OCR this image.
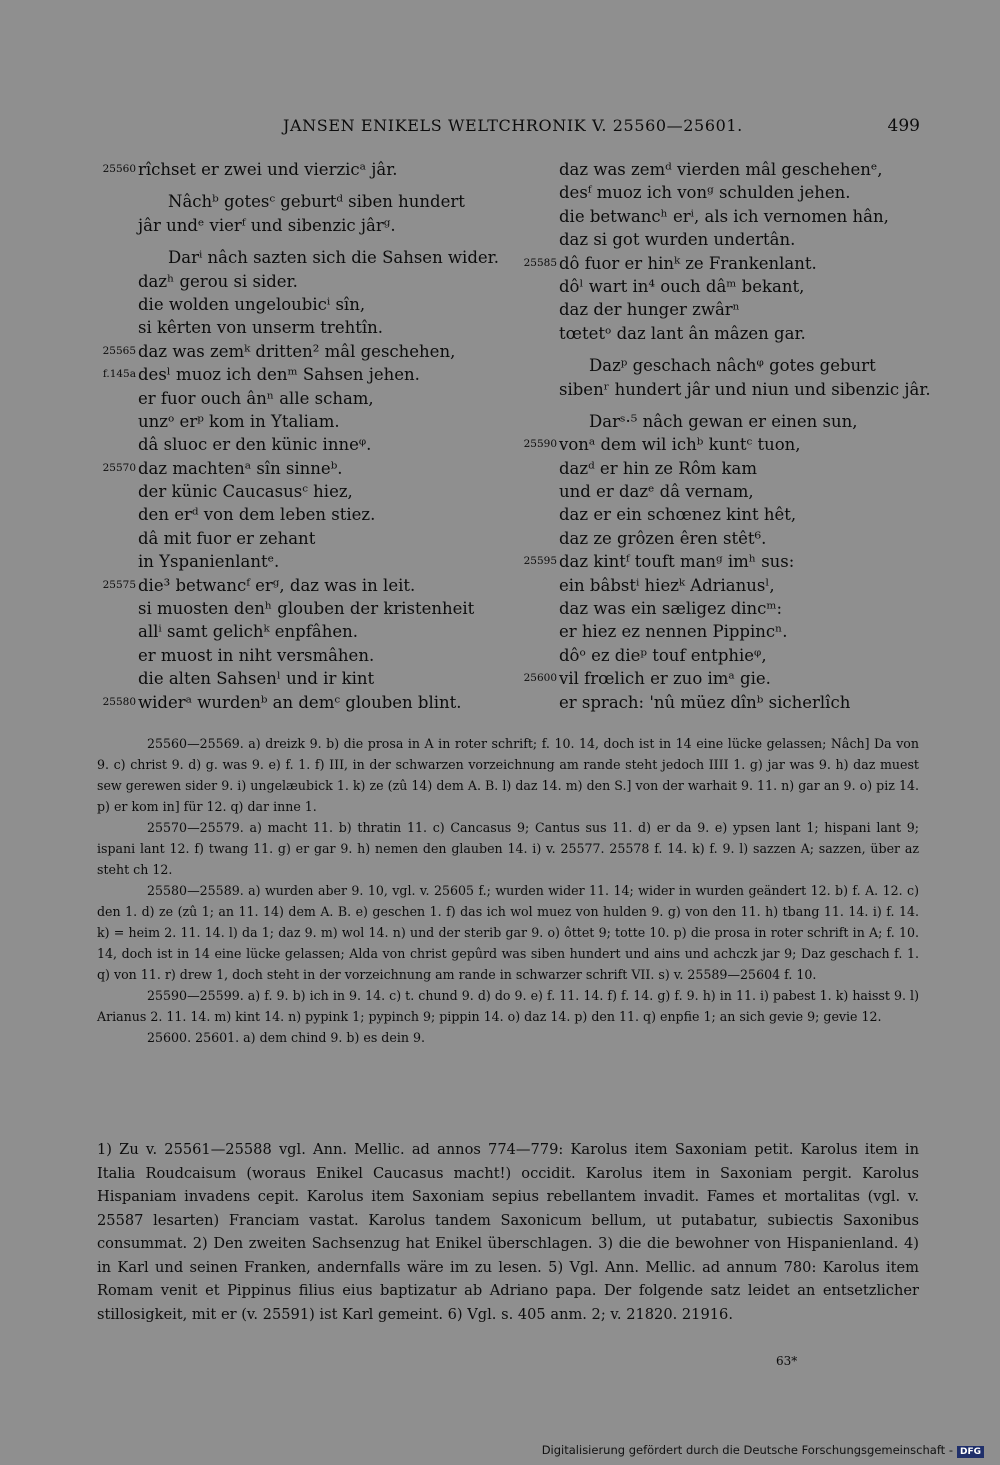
JANSEN ENIKELS WELTCHRONIK V. 25560—25601.	499
25560 rîchset er zwei und vierzicᵃ jâr.
Nâchᵇ gotesᶜ geburtᵈ siben hundert
jâr undᵉ vierᶠ und sibenzic jârᵍ.
Darⁱ nâch sazten sich die Sahsen wider.
dazʰ gerou si sider.
die wolden ungeloubicⁱ sîn,
si kêrten von unserm trehtîn.
25565 daz was zemᵏ dritten² mâl geschehen,
f.145a desˡ muoz ich denᵐ Sahsen jehen.
er fuor ouch ânⁿ alle scham,
unzᵒ erᵖ kom in Ytaliam.
dâ sluoc er den künic inneᵠ.
25570 daz machtenᵃ sîn sinneᵇ.
der künic Caucasusᶜ hiez,
den erᵈ von dem leben stiez.
dâ mit fuor er zehant
in Yspanienlantᵉ.
25575 die³ betwancᶠ erᵍ, daz was in leit.
si muosten denʰ glouben der kristenheit
allⁱ samt gelichᵏ enpfâhen.
er muost in niht versmâhen.
die alten Sahsenˡ und ir kint
25580 widerᵃ wurdenᵇ an demᶜ glouben blint.
daz was zemᵈ vierden mâl geschehenᵉ,
desᶠ muoz ich vonᵍ schulden jehen.
die betwancʰ erⁱ, als ich vernomen hân,
daz si got wurden undertân.
25585 dô fuor er hinᵏ ze Frankenlant.
dôˡ wart in⁴ ouch dâᵐ bekant,
daz der hunger zwârⁿ
tœtetᵒ daz lant ân mâzen gar.
Dazᵖ geschach nâchᵠ gotes geburt
sibenʳ hundert jâr und niun und sibenzic jâr.
Darˢ·⁵ nâch gewan er einen sun,
25590 vonᵃ dem wil ichᵇ kuntᶜ tuon,
dazᵈ er hin ze Rôm kam
und er dazᵉ dâ vernam,
daz er ein schœnez kint hêt,
daz ze grôzen êren stêt⁶.
25595 daz kintᶠ touft manᵍ imʰ sus:
ein bâbstⁱ hiezᵏ Adrianusˡ,
daz was ein sæligez dincᵐ:
er hiez ez nennen Pippincⁿ.
dôᵒ ez dieᵖ touf entphieᵠ,
25600 vil frœlich er zuo imᵃ gie.
er sprach: 'nû müez dînᵇ sicherlîch

25560—25569. a) dreizk 9. b) die prosa in A in roter schrift; f. 10. 14, doch ist in 14 eine lücke gelassen; Nâch] Da von 9. c) christ 9. d) g. was 9. e) f. 1. f) III, in der schwarzen vorzeichnung am rande steht jedoch IIII 1. g) jar was 9. h) daz muest sew gerewen sider 9. i) ungelæubick 1. k) ze (zû 14) dem A. B. l) daz 14. m) den S.] von der warhait 9. 11. n) gar an 9. o) piz 14. p) er kom in] für 12. q) dar inne 1.

25570—25579. a) macht 11. b) thratin 11. c) Cancasus 9; Cantus sus 11. d) er da 9. e) ypsen lant 1; hispani lant 9; ispani lant 12. f) twang 11. g) er gar 9. h) nemen den glauben 14. i) v. 25577. 25578 f. 14. k) f. 9. l) sazzen A; sazzen, über az steht ch 12.

25580—25589. a) wurden aber 9. 10, vgl. v. 25605 f.; wurden wider 11. 14; wider in wurden geändert 12. b) f. A. 12. c) den 1. d) ze (zû 1; an 11. 14) dem A. B. e) geschen 1. f) das ich wol muez von hulden 9. g) von den 11. h) tbang 11. 14. i) f. 14. k) = heim 2. 11. 14. l) da 1; daz 9. m) wol 14. n) und der sterib gar 9. o) ôttet 9; totte 10. p) die prosa in roter schrift in A; f. 10. 14, doch ist in 14 eine lücke gelassen; Alda von christ gepûrd was siben hundert und ains und achczk jar 9; Daz geschach f. 1. q) von 11. r) drew 1, doch steht in der vorzeichnung am rande in schwarzer schrift VII. s) v. 25589—25604 f. 10.

25590—25599. a) f. 9. b) ich in 9. 14. c) t. chund 9. d) do 9. e) f. 11. 14. f) f. 14. g) f. 9. h) in 11. i) pabest 1. k) haisst 9. l) Arianus 2. 11. 14. m) kint 14. n) pypink 1; pypinch 9; pippin 14. o) daz 14. p) den 11. q) enpfie 1; an sich gevie 9; gevie 12.

25600. 25601. a) dem chind 9. b) es dein 9.

1) Zu v. 25561—25588 vgl. Ann. Mellic. ad annos 774—779: Karolus item Saxoniam petit. Karolus item in Italia Roudcaisum (woraus Enikel Caucasus macht!) occidit. Karolus item in Saxoniam pergit. Karolus Hispaniam invadens cepit. Karolus item Saxoniam sepius rebellantem invadit. Fames et mortalitas (vgl. v. 25587 lesarten) Franciam vastat. Karolus tandem Saxonicum bellum, ut putabatur, subiectis Saxonibus consummat. 2) Den zweiten Sachsenzug hat Enikel überschlagen. 3) die die bewohner von Hispanienland. 4) in Karl und seinen Franken, andernfalls wäre im zu lesen. 5) Vgl. Ann. Mellic. ad annum 780: Karolus item Romam venit et Pippinus filius eius baptizatur ab Adriano papa. Der folgende satz leidet an entsetzlicher stillosigkeit, mit er (v. 25591) ist Karl gemeint. 6) Vgl. s. 405 anm. 2; v. 21820. 21916.

63*
Digitalisierung gefördert durch die Deutsche Forschungsgemeinschaft - DFG
